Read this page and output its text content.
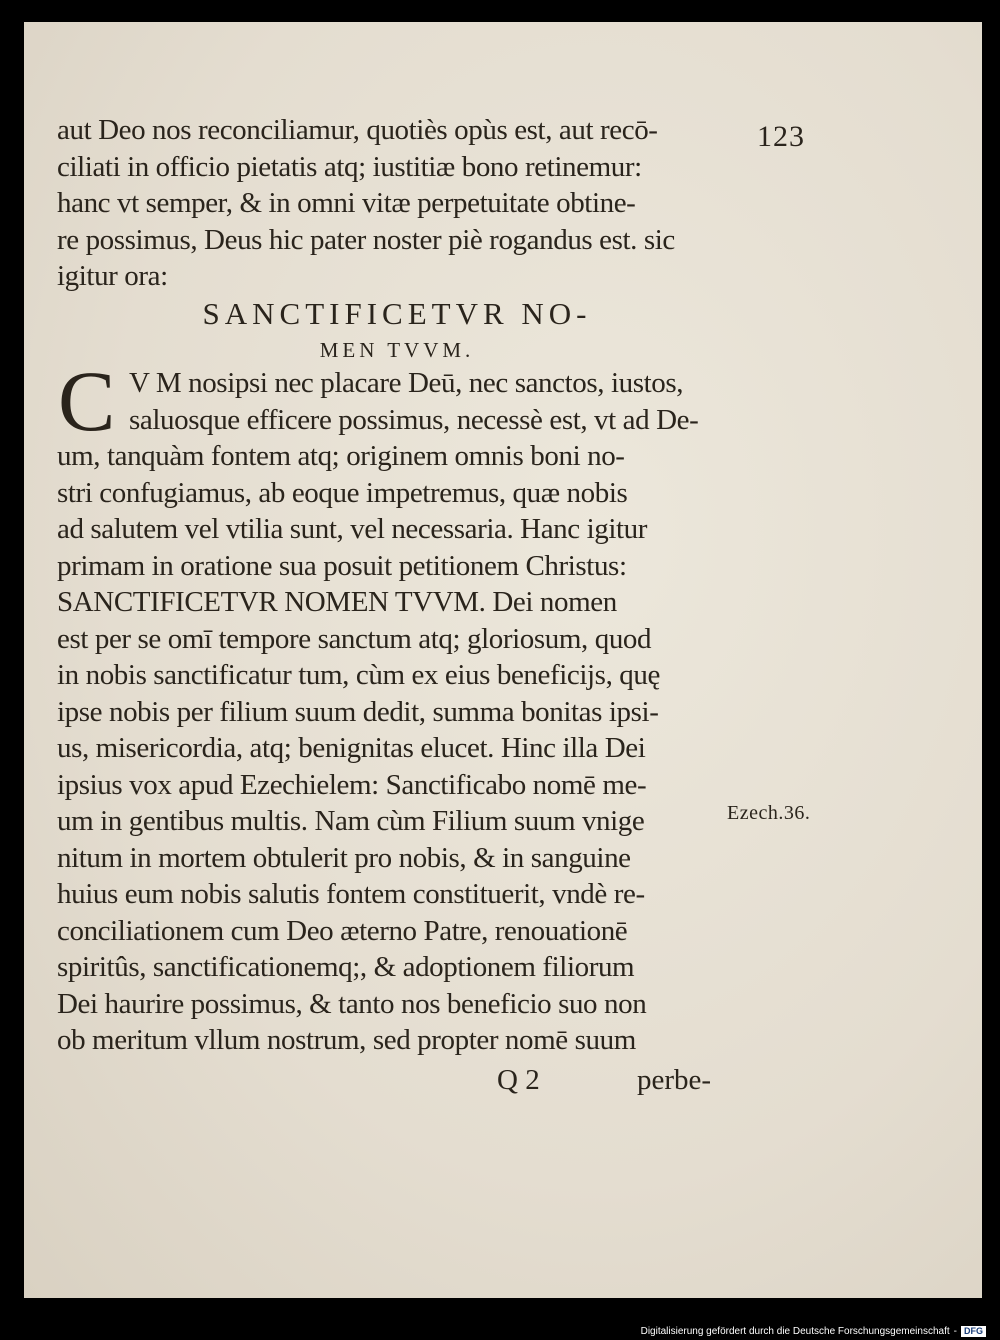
123
aut Deo nos reconciliamur, quotiès opùs est, aut recō-
ciliati in officio pietatis atq; iustitiæ bono retinemur:
hanc vt semper, & in omni vitæ perpetuitate obtine-
re possimus, Deus hic pater noster piè rogandus est. sic
igitur ora:
SANCTIFICETVR NO-
MEN TVVM.
C V M nosipsi nec placare Deū, nec sanctos, iustos,
saluosque efficere possimus, necessè est, vt ad De-
um, tanquàm fontem atq; originem omnis boni no-
stri confugiamus, ab eoque impetremus, quæ nobis
ad salutem vel vtilia sunt, vel necessaria. Hanc igitur
primam in oratione sua posuit petitionem Christus:
SANCTIFICETVR NOMEN TVVM. Dei nomen
est per se omī tempore sanctum atq; gloriosum, quod
in nobis sanctificatur tum, cùm ex eius beneficijs, quę
ipse nobis per filium suum dedit, summa bonitas ipsi-
us, misericordia, atq; benignitas elucet. Hinc illa Dei
ipsius vox apud Ezechielem: Sanctificabo nomē me-
um in gentibus multis. Nam cùm Filium suum vnige
nitum in mortem obtulerit pro nobis, & in sanguine
huius eum nobis salutis fontem constituerit, vndè re-
conciliationem cum Deo æterno Patre, renouationē
spiritûs, sanctificationemq;, & adoptionem filiorum
Dei haurire possimus, & tanto nos beneficio suo non
ob meritum vllum nostrum, sed propter nomē suum
Ezech.36.
Q 2	perbe-
Digitalisierung gefördert durch die Deutsche Forschungsgemeinschaft - DFG
